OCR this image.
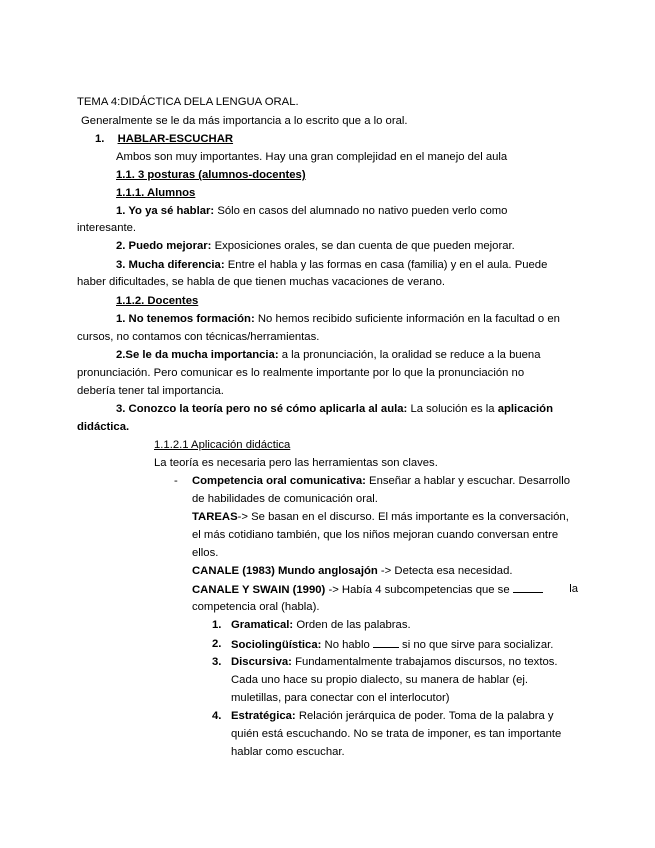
TEMA 4:DIDÁCTICA DELA LENGUA ORAL.
Generalmente se le da más importancia a lo escrito que a lo oral.
1. HABLAR-ESCUCHAR
Ambos son muy importantes. Hay una gran complejidad en el manejo del aula
1.1. 3 posturas (alumnos-docentes)
1.1.1. Alumnos
1. Yo ya sé hablar: Sólo en casos del alumnado no nativo pueden verlo como
interesante.
2. Puedo mejorar: Exposiciones orales, se dan cuenta de que pueden mejorar.
3. Mucha diferencia: Entre el habla y las formas en casa (familia) y en el aula. Puede
haber dificultades, se habla de que tienen muchas vacaciones de verano.
1.1.2. Docentes
1. No tenemos formación: No hemos recibido suficiente información en la facultad o en
cursos, no contamos con técnicas/herramientas.
2.Se le da mucha importancia: a la pronunciación, la oralidad se reduce a la buena
pronunciación. Pero comunicar es lo realmente importante por lo que la pronunciación no
debería tener tal importancia.
3. Conozco la teoría pero no sé cómo aplicarla al aula: La solución es la aplicación
didáctica.
1.1.2.1 Aplicación didáctica
La teoría es necesaria pero las herramientas son claves.
- Competencia oral comunicativa: Enseñar a hablar y escuchar. Desarrollo
de habilidades de comunicación oral.
TAREAS-> Se basan en el discurso. El más importante es la conversación,
el más cotidiano también, que los niños mejoran cuando conversan entre
ellos.
CANALE (1983) Mundo anglosajón -> Detecta esa necesidad.
CANALE Y SWAIN (1990) -> Había 4 subcompetencias que se	la
competencia oral (habla).
1. Gramatical: Orden de las palabras.
2. Sociolingüística: No hablo	si no que sirve para socializar.
3. Discursiva: Fundamentalmente trabajamos discursos, no textos.
Cada uno hace su propio dialecto, su manera de hablar (ej.
muletillas, para conectar con el interlocutor)
4. Estratégica: Relación jerárquica de poder. Toma de la palabra y
quién está escuchando. No se trata de imponer, es tan importante
hablar como escuchar.
